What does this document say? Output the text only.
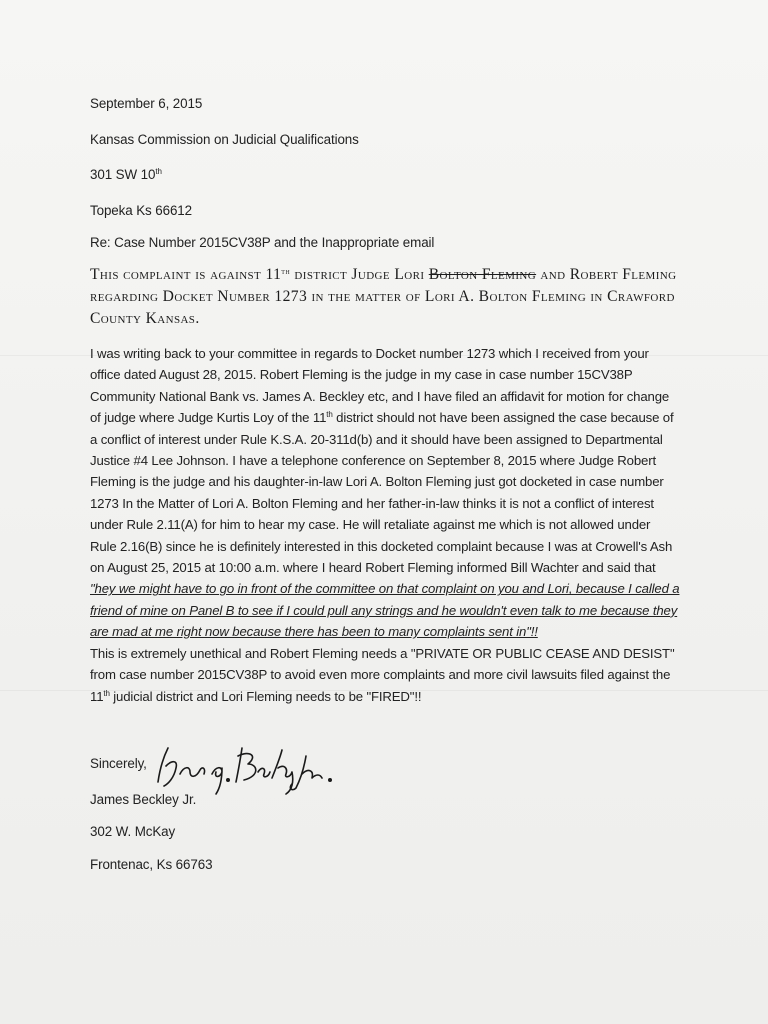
September 6, 2015
Kansas Commission on Judicial Qualifications
301 SW 10th
Topeka Ks 66612
Re: Case Number 2015CV38P and the Inappropriate email
This complaint is against 11th district Judge Lori Bolton Fleming and Robert Fleming regarding Docket Number 1273 in the matter of Lori A. Bolton Fleming in Crawford County Kansas.
I was writing back to your committee in regards to Docket number 1273 which I received from your office dated August 28, 2015. Robert Fleming is the judge in my case in case number 15CV38P Community National Bank vs. James A. Beckley etc, and I have filed an affidavit for motion for change of judge where Judge Kurtis Loy of the 11th district should not have been assigned the case because of a conflict of interest under Rule K.S.A. 20-311d(b) and it should have been assigned to Departmental Justice #4 Lee Johnson. I have a telephone conference on September 8, 2015 where Judge Robert Fleming is the judge and his daughter-in-law Lori A. Bolton Fleming just got docketed in case number 1273 In the Matter of Lori A. Bolton Fleming and her father-in-law thinks it is not a conflict of interest under Rule 2.11(A) for him to hear my case. He will retaliate against me which is not allowed under Rule 2.16(B) since he is definitely interested in this docketed complaint because I was at Crowell's Ash on August 25, 2015 at 10:00 a.m. where I heard Robert Fleming informed Bill Wachter and said that "hey we might have to go in front of the committee on that complaint on you and Lori, because I called a friend of mine on Panel B to see if I could pull any strings and he wouldn't even talk to me because they are mad at me right now because there has been to many complaints sent in"!!
This is extremely unethical and Robert Fleming needs a "PRIVATE OR PUBLIC CEASE AND DESIST" from case number 2015CV38P to avoid even more complaints and more civil lawsuits filed against the 11th judicial district and Lori Fleming needs to be "FIRED"!!
Sincerely,
James Beckley Jr.
302 W. McKay
Frontenac, Ks 66763
